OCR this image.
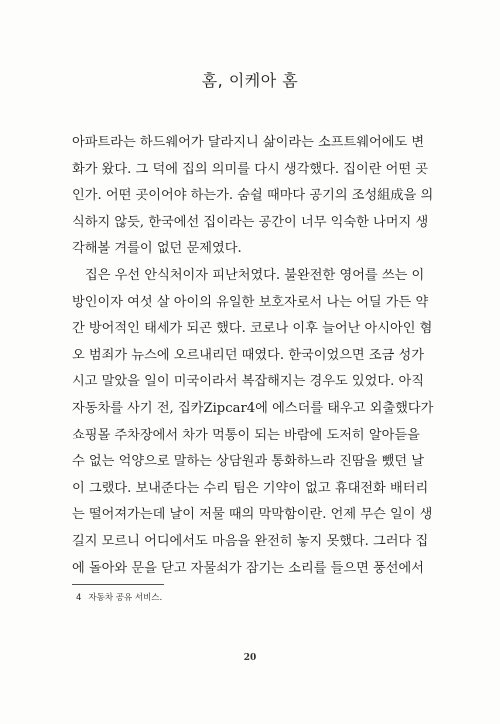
홈, 이케아 홈

아파트라는 하드웨어가 달라지니 삶이라는 소프트웨어에도 변
화가 왔다. 그 덕에 집의 의미를 다시 생각했다. 집이란 어떤 곳
인가. 어떤 곳이어야 하는가. 숨쉴 때마다 공기의 조성組成을 의
식하지 않듯, 한국에선 집이라는 공간이 너무 익숙한 나머지 생
각해볼 겨를이 없던 문제였다.

집은 우선 안식처이자 피난처였다. 불완전한 영어를 쓰는 이
방인이자 여섯 살 아이의 유일한 보호자로서 나는 어딜 가든 약
간 방어적인 태세가 되곤 했다. 코로나 이후 늘어난 아시아인 혐
오 범죄가 뉴스에 오르내리던 때였다. 한국이었으면 조금 성가
시고 말았을 일이 미국이라서 복잡해지는 경우도 있었다. 아직
자동차를 사기 전, 집카Zipcar4에 에스더를 태우고 외출했다가
쇼핑몰 주차장에서 차가 먹통이 되는 바람에 도저히 알아듣을
수 없는 억양으로 말하는 상담원과 통화하느라 진땀을 뺐던 날
이 그랬다. 보내준다는 수리 팀은 기약이 없고 휴대전화 배터리
는 떨어져가는데 날이 저물 때의 막막함이란. 언제 무슨 일이 생
길지 모르니 어디에서도 마음을 완전히 놓지 못했다. 그러다 집
에 돌아와 문을 닫고 자물쇠가 잠기는 소리를 들으면 풍선에서

4 자동차 공유 서비스.
20
